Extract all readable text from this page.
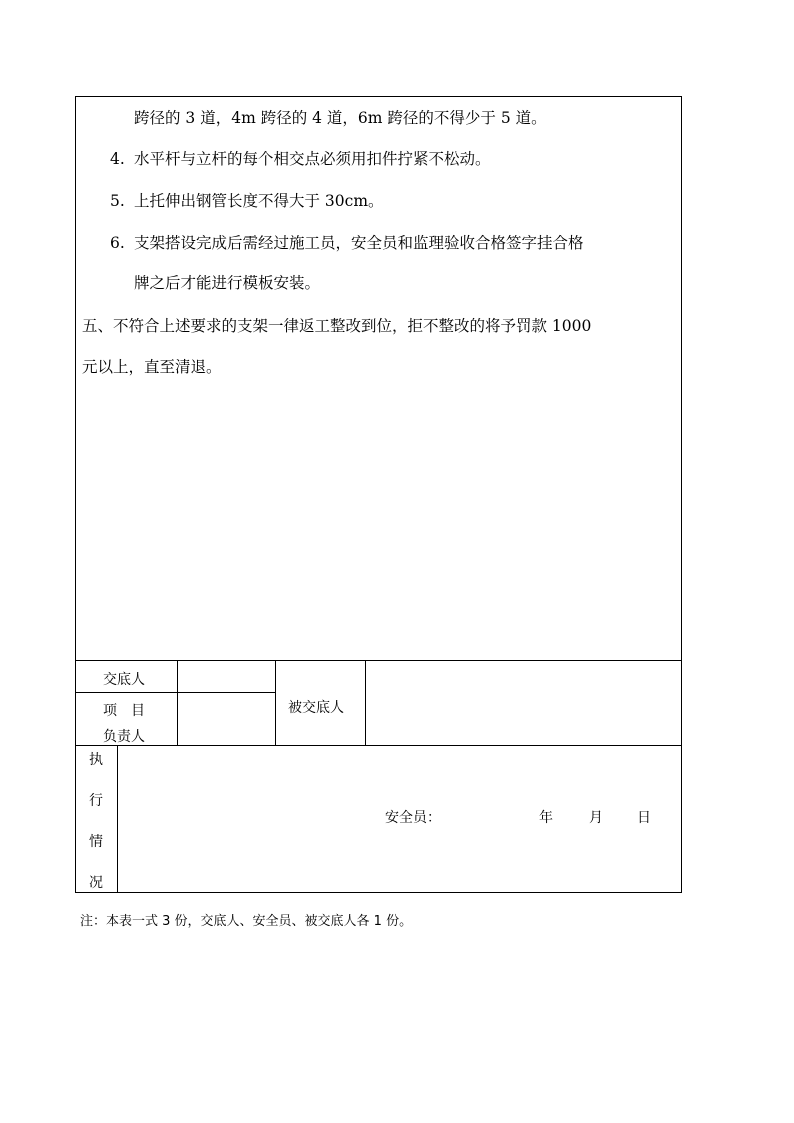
跨径的 3 道，4m 跨径的 4 道，6m 跨径的不得少于 5 道。
4. 水平杆与立杆的每个相交点必须用扣件拧紧不松动。
5. 上托伸出钢管长度不得大于 30cm。
6. 支架搭设完成后需经过施工员，安全员和监理验收合格签字挂合格
牌之后才能进行模板安装。
五、不符合上述要求的支架一律返工整改到位，拒不整改的将予罚款 1000
元以上，直至清退。
交底人
项　目
负责人
被交底人
执
行
情
况
安全员：	年	月 日
注：本表一式 3 份，交底人、安全员、被交底人各 1 份。
